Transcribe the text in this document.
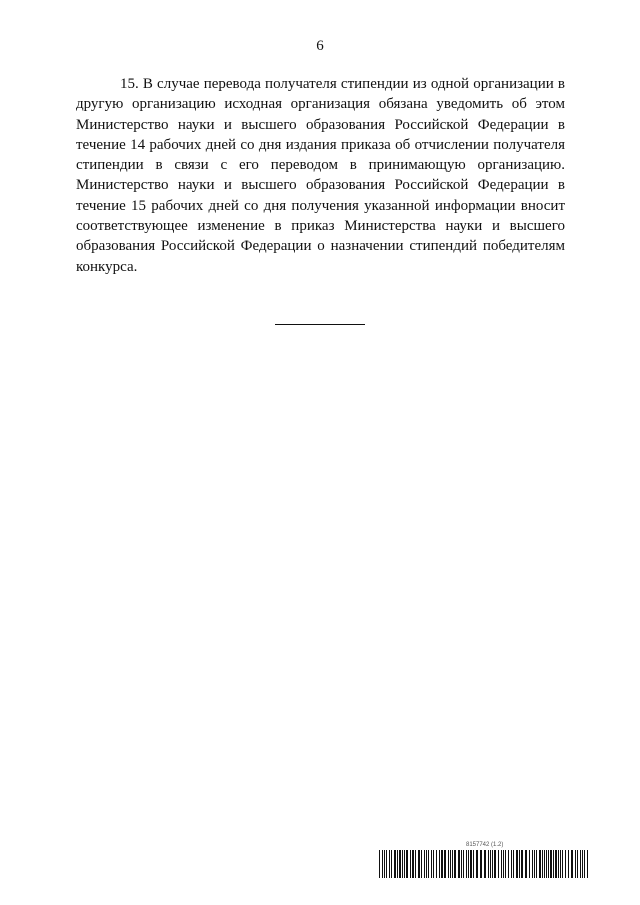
6

15. В случае перевода получателя стипендии из одной организации в другую организацию исходная организация обязана уведомить об этом Министерство науки и высшего образования Российской Федерации в течение 14 рабочих дней со дня издания приказа об отчислении получателя стипендии в связи с его переводом в принимающую организацию. Министерство науки и высшего образования Российской Федерации в течение 15 рабочих дней со дня получения указанной информации вносит соответствующее изменение в приказ Министерства науки и высшего образования Российской Федерации о назначении стипендий победителям конкурса.

8157742 (1.2)
